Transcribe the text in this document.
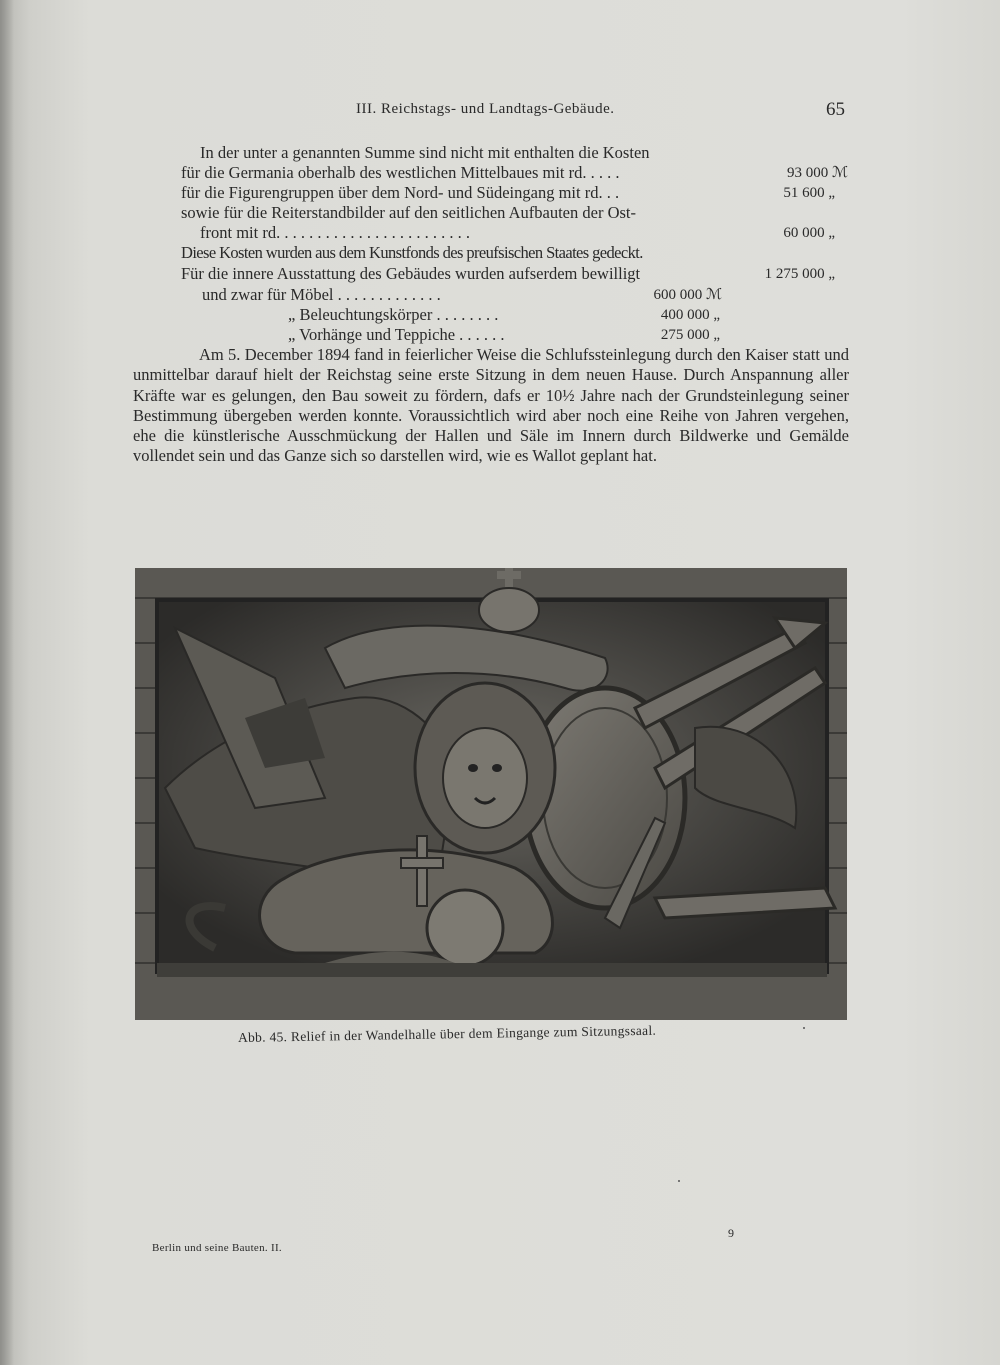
III. Reichstags- und Landtags-Gebäude.	65
In der unter a genannten Summe sind nicht mit enthalten die Kosten
für die Germania oberhalb des westlichen Mittelbaues mit rd. . . . .	93 000 ℳ
für die Figurengruppen über dem Nord- und Südeingang mit rd. . .	51 600 „
sowie für die Reiterstandbilder auf den seitlichen Aufbauten der Ost-
front mit rd. . . . . . . . . . . . . . . . . . . . . . . .	60 000 „
Diese Kosten wurden aus dem Kunstfonds des preufsischen Staates gedeckt.
Für die innere Ausstattung des Gebäudes wurden aufserdem bewilligt	1 275 000 „
und zwar für Möbel . . . . . . . . . . . . .	600 000 ℳ
„ Beleuchtungskörper . . . . . . . .	400 000 „
„ Vorhänge und Teppiche . . . . . .	275 000 „

Am 5. December 1894 fand in feierlicher Weise die Schlufssteinlegung durch den Kaiser statt und unmittelbar darauf hielt der Reichstag seine erste Sitzung in dem neuen Hause. Durch Anspannung aller Kräfte war es gelungen, den Bau soweit zu fördern, dafs er 10½ Jahre nach der Grundsteinlegung seiner Bestimmung übergeben werden konnte. Voraussichtlich wird aber noch eine Reihe von Jahren vergehen, ehe die künstlerische Ausschmückung der Hallen und Säle im Innern durch Bildwerke und Gemälde vollendet sein und das Ganze sich so darstellen wird, wie es Wallot geplant hat.

Abb. 45. Relief in der Wandelhalle über dem Eingange zum Sitzungssaal.
9
Berlin und seine Bauten. II.
